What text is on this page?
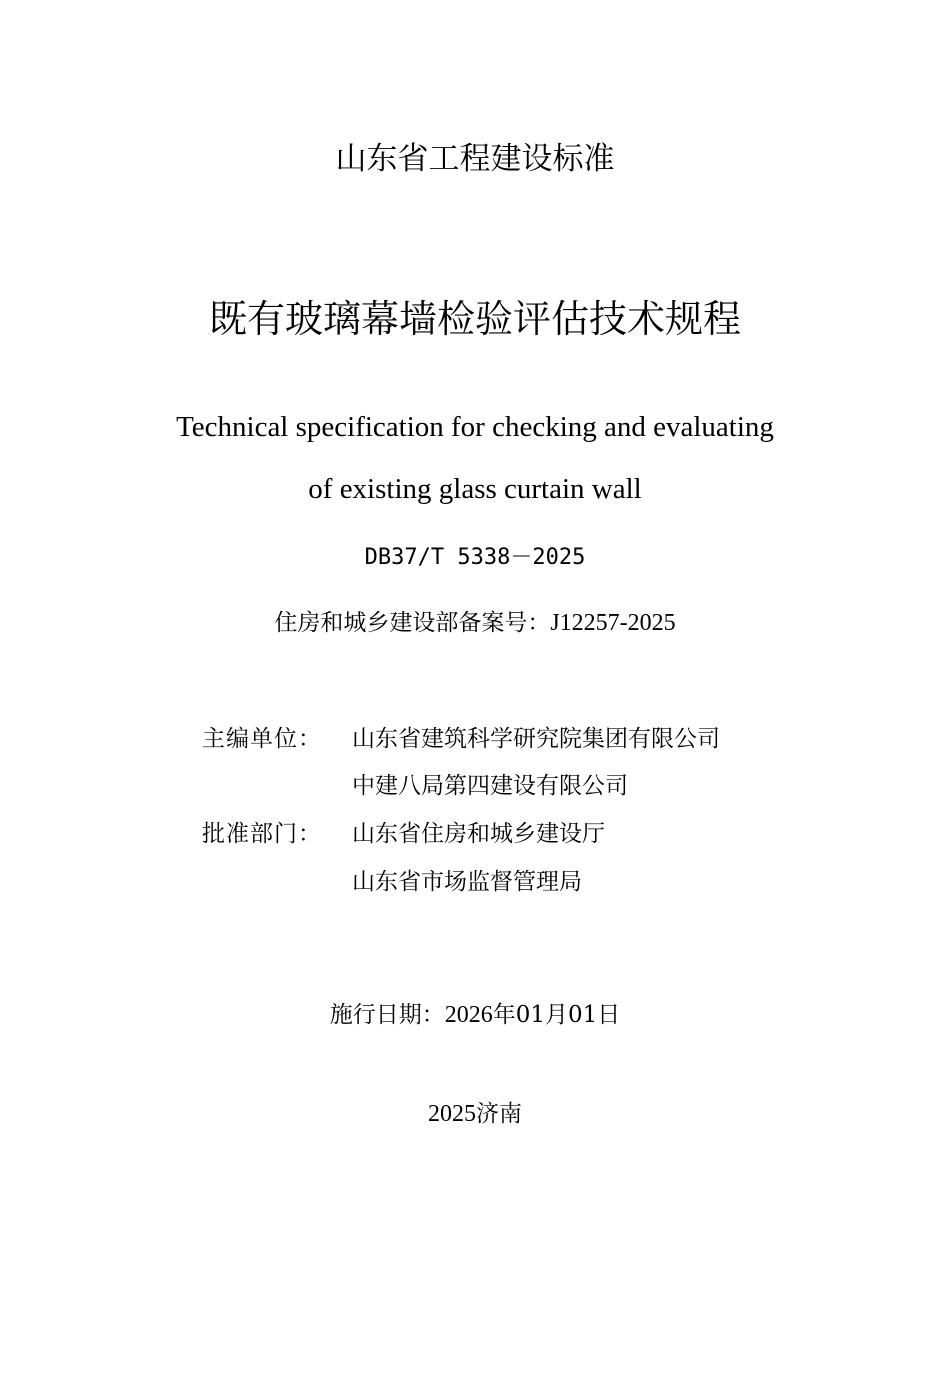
山东省工程建设标准
既有玻璃幕墙检验评估技术规程
Technical specification for checking and evaluating
of existing glass curtain wall
DB37/T 5338－2025
住房和城乡建设部备案号：J12257-2025
主编单位： 山东省建筑科学研究院集团有限公司
中建八局第四建设有限公司
批准部门： 山东省住房和城乡建设厅
山东省市场监督管理局
施行日期：2026年01月01日
2025济南
